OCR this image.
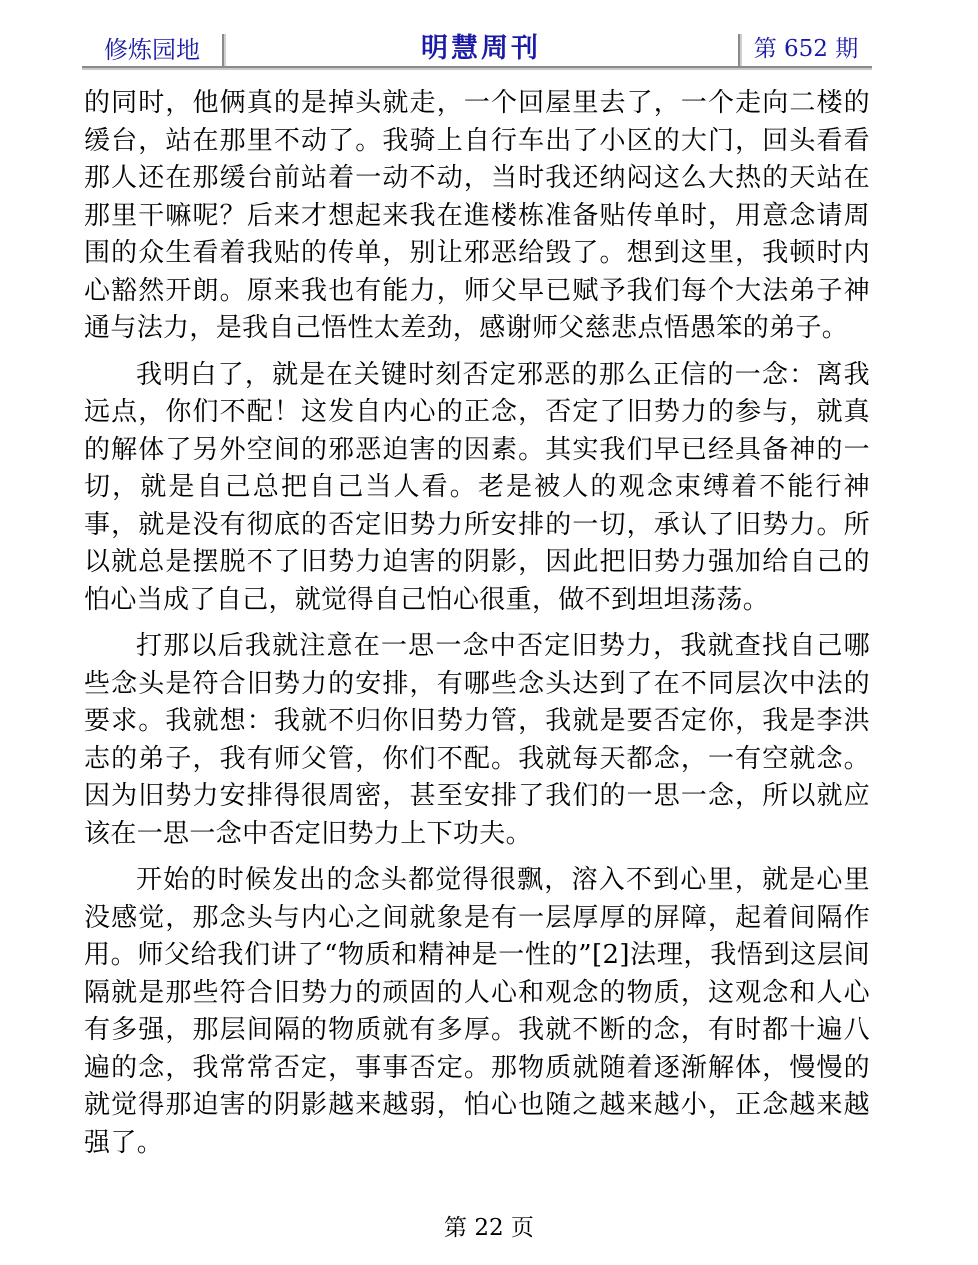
修炼园地	明慧周刊	第 652 期

的同时，他俩真的是掉头就走，一个回屋里去了，一个走向二楼的缓台，站在那里不动了。我骑上自行车出了小区的大门，回头看看那人还在那缓台前站着一动不动，当时我还纳闷这么大热的天站在那里干嘛呢？后来才想起来我在進楼栋准备贴传单时，用意念请周围的众生看着我贴的传单，别让邪恶给毁了。想到这里，我顿时内心豁然开朗。原来我也有能力，师父早已赋予我们每个大法弟子神通与法力，是我自己悟性太差劲，感谢师父慈悲点悟愚笨的弟子。

我明白了，就是在关键时刻否定邪恶的那么正信的一念：离我远点，你们不配！这发自内心的正念，否定了旧势力的参与，就真的解体了另外空间的邪恶迫害的因素。其实我们早已经具备神的一切，就是自己总把自己当人看。老是被人的观念束缚着不能行神事，就是没有彻底的否定旧势力所安排的一切，承认了旧势力。所以就总是摆脱不了旧势力迫害的阴影，因此把旧势力强加给自己的怕心当成了自己，就觉得自己怕心很重，做不到坦坦荡荡。

打那以后我就注意在一思一念中否定旧势力，我就查找自己哪些念头是符合旧势力的安排，有哪些念头达到了在不同层次中法的要求。我就想：我就不归你旧势力管，我就是要否定你，我是李洪志的弟子，我有师父管，你们不配。我就每天都念，一有空就念。因为旧势力安排得很周密，甚至安排了我们的一思一念，所以就应该在一思一念中否定旧势力上下功夫。

开始的时候发出的念头都觉得很飘，溶入不到心里，就是心里没感觉，那念头与内心之间就象是有一层厚厚的屏障，起着间隔作用。师父给我们讲了“物质和精神是一性的”[2]法理，我悟到这层间隔就是那些符合旧势力的顽固的人心和观念的物质，这观念和人心有多强，那层间隔的物质就有多厚。我就不断的念，有时都十遍八遍的念，我常常否定，事事否定。那物质就随着逐渐解体，慢慢的就觉得那迫害的阴影越来越弱，怕心也随之越来越小，正念越来越强了。

第 22 页
